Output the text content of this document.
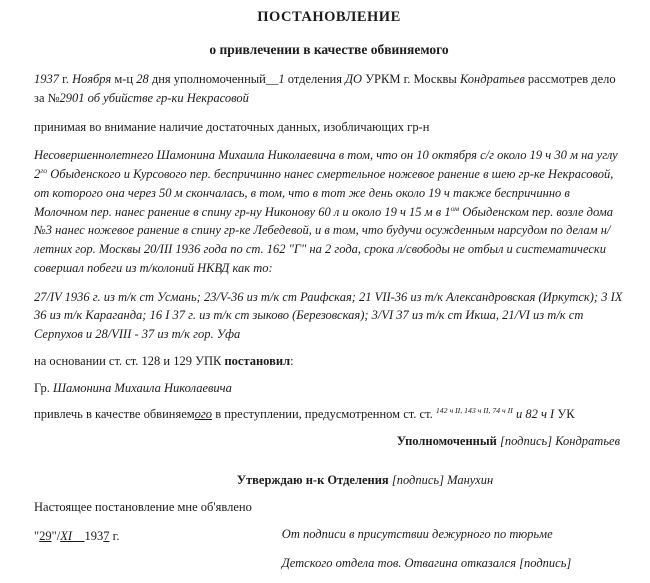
ПОСТАНОВЛЕНИЕ
о привлечении в качестве обвиняемого

1937 г. Ноября м-ц 28 дня уполномоченный__1 отделения ДО УРКМ г. Москвы Кондратьев рассмотрев дело за №2901 об убийстве гр-ки Некрасовой

принимая во внимание наличие достаточных данных, изобличающих гр-н

Несовершеннолетнего Шамонина Михаила Николаевича в том, что он 10 октября с/г около 19 ч 30 м на углу $2^{го}$ Обыденского и Курсового пер. беспричинно нанес смертельное ножевое ранение в шею гр-ке Некрасовой, от которого она через 50 м скончалась, в том, что в тот же день около 19 ч также беспричинно в Молочном пер. нанес ранение в спину гр-ну Никонову 60 л и около 19 ч 15 м в $1^{ом}$ Обыденском пер. возле дома №3 нанес ножевое ранение в спину гр-ке Лебедевой, и в том, что будучи осужденным нарсудом по делам н/летних гор. Москвы 20/III 1936 года по ст. 162 "Г" на 2 года, срока л/свободы не отбыл и систематически совершал побеги из т/колоний НКВД как то:

27/IV 1936 г. из т/к ст Усмань; 23/V-36 из т/к ст Раифская; 21 VII-36 из т/к Александровская (Иркутск); 3 IX 36 из т/к Караганда; 16 I 37 г. из т/к ст зыково (Березовская); 3/VI 37 из т/к ст Икша, 21/VI из т/к ст Серпухов и 28/VIII - 37 из т/к гор. Уфа

на основании ст. ст. 128 и 129 УПК постановил:

Гр. Шамонина Михаила Николаевича

привлечь в качестве обвиняемого в преступлении, предусмотренном ст. ст. $^{142 ч II, 143 ч II, 74 ч II}$ и 82 ч I УК

Уполномоченный [подпись] Кондратьев

Утверждаю н-к Отделения [подпись] Манухин

Настоящее постановление мне об'явлено

"29"/XI 1937 г.	От подписи в присутствии дежурного по тюрьме

Детского отдела тов. Отвагина отказался [подпись]
